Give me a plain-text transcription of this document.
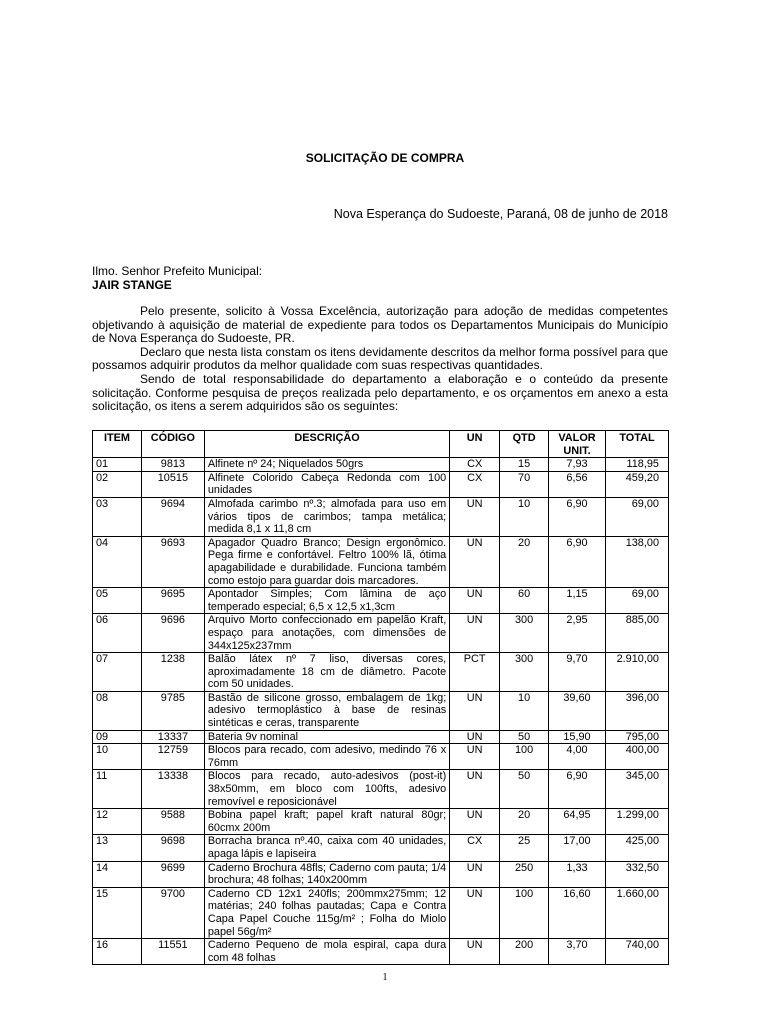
SOLICITAÇÃO DE COMPRA
Nova Esperança do Sudoeste, Paraná, 08 de junho de 2018
Ilmo. Senhor Prefeito Municipal:
JAIR STANGE

Pelo presente, solicito à Vossa Excelência, autorização para adoção de medidas competentes objetivando à aquisição de material de expediente para todos os Departamentos Municipais do Município de Nova Esperança do Sudoeste, PR.

Declaro que nesta lista constam os itens devidamente descritos da melhor forma possível para que possamos adquirir produtos da melhor qualidade com suas respectivas quantidades.

Sendo de total responsabilidade do departamento a elaboração e o conteúdo da presente solicitação. Conforme pesquisa de preços realizada pelo departamento, e os orçamentos em anexo a esta solicitação, os itens a serem adquiridos são os seguintes:

ITEM	CÓDIGO	DESCRIÇÃO	UN	QTD	VALOR UNIT.	TOTAL
01	9813	Alfinete nº 24; Niquelados 50grs	CX	15	7,93	118,95
02	10515	Alfinete Colorido Cabeça Redonda com 100 unidades	CX	70	6,56	459,20
03	9694	Almofada carimbo nº.3; almofada para uso em vários tipos de carimbos; tampa metálica; medida 8,1 x 11,8 cm	UN	10	6,90	69,00
04	9693	Apagador Quadro Branco; Design ergonômico. Pega firme e confortável. Feltro 100% lã, ótima apagabilidade e durabilidade. Funciona também como estojo para guardar dois marcadores.	UN	20	6,90	138,00
05	9695	Apontador Simples; Com lâmina de aço temperado especial; 6,5 x 12,5 x1,3cm	UN	60	1,15	69,00
06	9696	Arquivo Morto confeccionado em papelão Kraft, espaço para anotações, com dimensões de 344x125x237mm	UN	300	2,95	885,00
07	1238	Balão látex nº 7 liso, diversas cores, aproximadamente 18 cm de diâmetro. Pacote com 50 unidades.	PCT	300	9,70	2.910,00
08	9785	Bastão de silicone grosso, embalagem de 1kg; adesivo termoplástico à base de resinas sintéticas e ceras, transparente	UN	10	39,60	396,00
09	13337	Bateria 9v nominal	UN	50	15,90	795,00
10	12759	Blocos para recado, com adesivo, medindo 76 x 76mm	UN	100	4,00	400,00
11	13338	Blocos para recado, auto-adesivos (post-it) 38x50mm, em bloco com 100fts, adesivo removível e reposicionável	UN	50	6,90	345,00
12	9588	Bobina papel kraft; papel kraft natural 80gr; 60cmx 200m	UN	20	64,95	1.299,00
13	9698	Borracha branca nº.40, caixa com 40 unidades, apaga lápis e lapiseira	CX	25	17,00	425,00
14	9699	Caderno Brochura 48fls; Caderno com pauta; 1/4 brochura; 48 folhas; 140x200mm	UN	250	1,33	332,50
15	9700	Caderno CD 12x1 240fls; 200mmx275mm; 12 matérias; 240 folhas pautadas; Capa e Contra Capa Papel Couche 115g/m² ; Folha do Miolo papel 56g/m²	UN	100	16,60	1.660,00
16	11551	Caderno Pequeno de mola espiral, capa dura com 48 folhas	UN	200	3,70	740,00
1
